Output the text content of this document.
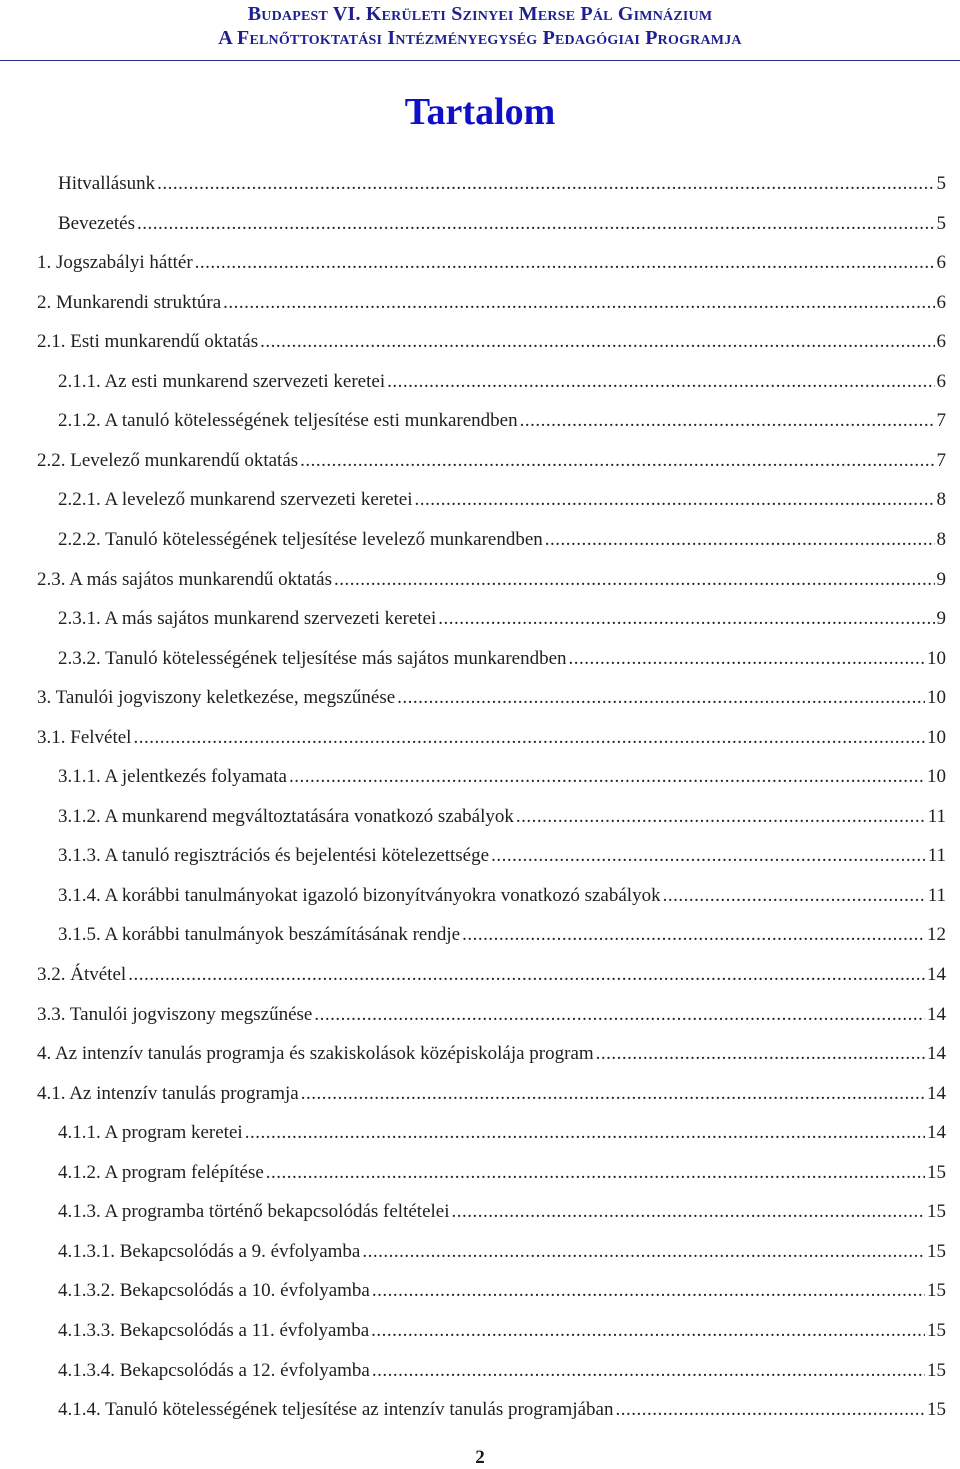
Budapest VI. Kerületi Szinyei Merse Pál Gimnázium
A Felnőttoktatási Intézményegység Pedagógiai Programja
Tartalom
Hitvallásunk .....	5
Bevezetés .....	5
1. Jogszabályi háttér .....	6
2. Munkarendi struktúra .....	6
2.1. Esti munkarendű oktatás .....	6
2.1.1. Az esti munkarend szervezeti keretei .....	6
2.1.2. A tanuló kötelességének teljesítése esti munkarendben .....	7
2.2. Levelező munkarendű oktatás .....	7
2.2.1. A levelező munkarend szervezeti keretei .....	8
2.2.2. Tanuló kötelességének teljesítése levelező munkarendben .....	8
2.3. A más sajátos munkarendű oktatás .....	9
2.3.1. A más sajátos munkarend szervezeti keretei .....	9
2.3.2. Tanuló kötelességének teljesítése más sajátos munkarendben .....	10
3. Tanulói jogviszony keletkezése, megszűnése .....	10
3.1. Felvétel .....	10
3.1.1. A jelentkezés folyamata .....	10
3.1.2. A munkarend megváltoztatására vonatkozó szabályok .....	11
3.1.3. A tanuló regisztrációs és bejelentési kötelezettsége .....	11
3.1.4. A korábbi tanulmányokat igazoló bizonyítványokra vonatkozó szabályok .....	11
3.1.5. A korábbi tanulmányok beszámításának rendje .....	12
3.2. Átvétel .....	14
3.3. Tanulói jogviszony megszűnése .....	14
4. Az intenzív tanulás programja és szakiskolások középiskolája program .....	14
4.1. Az intenzív tanulás programja .....	14
4.1.1. A program keretei .....	14
4.1.2. A program felépítése .....	15
4.1.3. A programba történő bekapcsolódás feltételei .....	15
4.1.3.1. Bekapcsolódás a 9. évfolyamba .....	15
4.1.3.2. Bekapcsolódás a 10. évfolyamba .....	15
4.1.3.3. Bekapcsolódás a 11. évfolyamba .....	15
4.1.3.4. Bekapcsolódás a 12. évfolyamba .....	15
4.1.4. Tanuló kötelességének teljesítése az intenzív tanulás programjában .....	15
2
